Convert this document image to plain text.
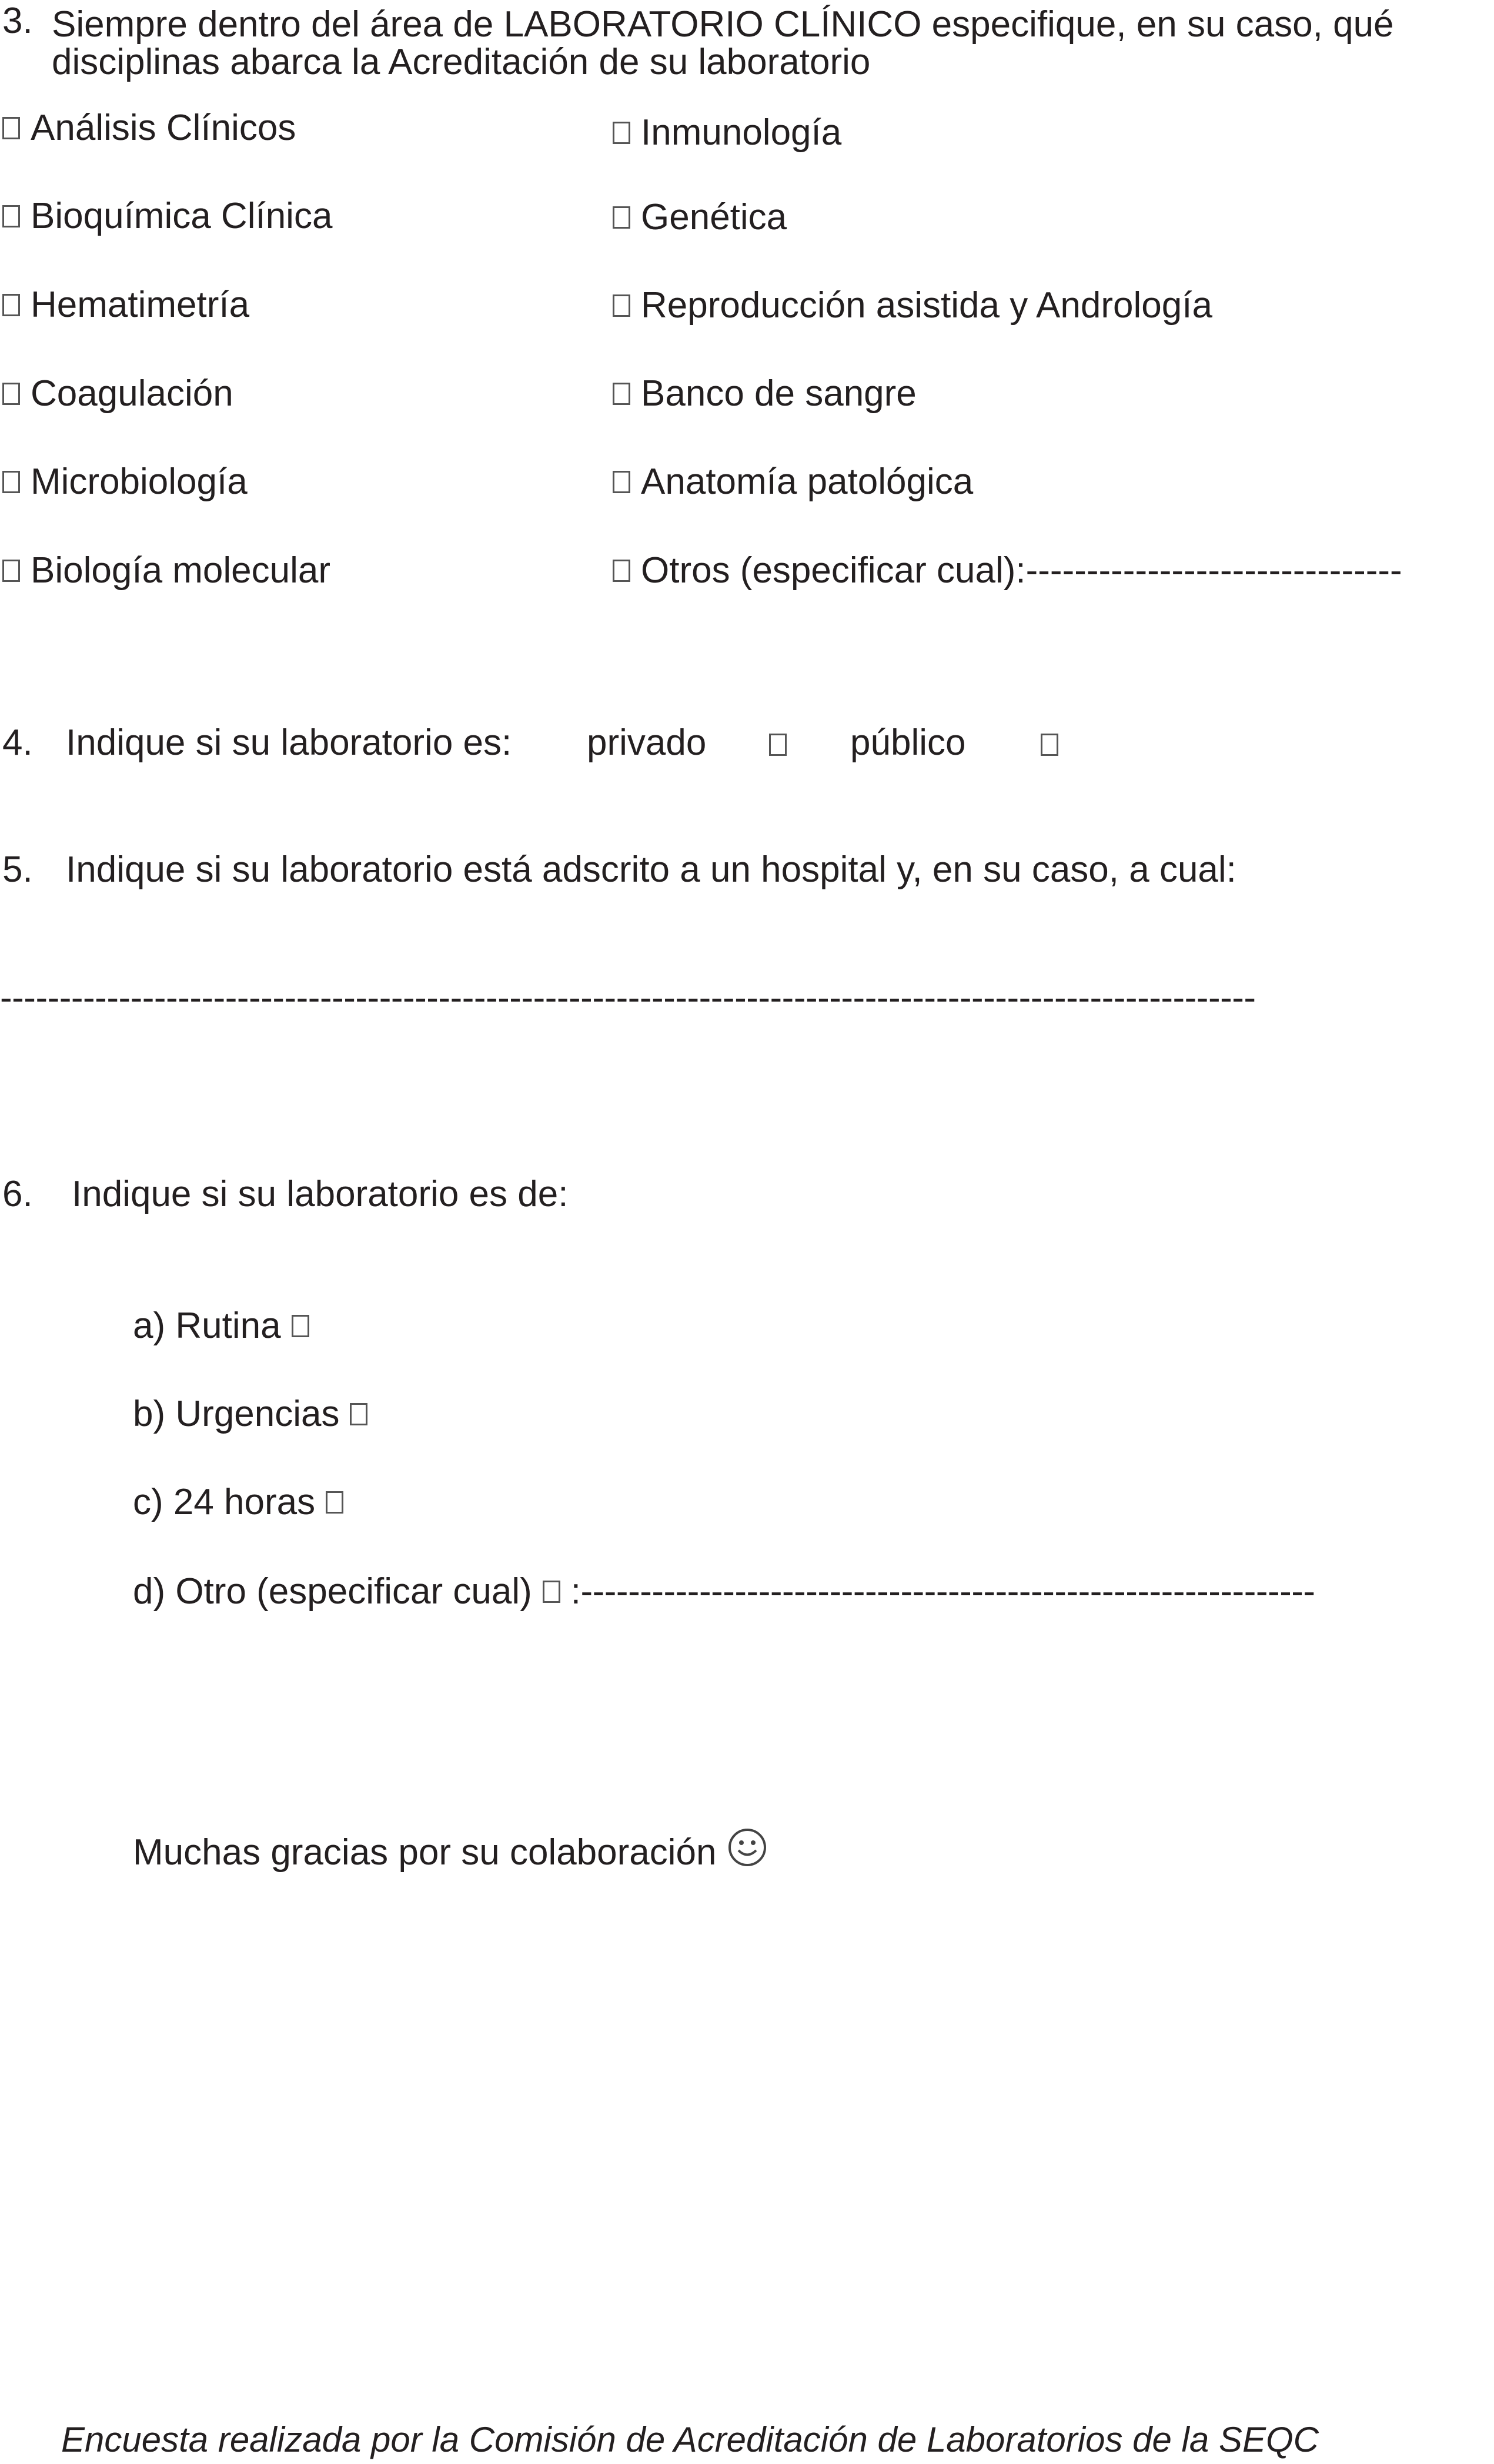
3. Siempre dentro del área de LABORATORIO CLÍNICO especifique, en su caso, qué
disciplinas abarca la Acreditación de su laboratorio
Análisis Clínicos
Bioquímica Clínica
Hematimetría
Coagulación
Microbiología
Biología molecular
Inmunología
Genética
Reproducción asistida y Andrología
Banco de sangre
Anatomía patológica
Otros (especificar cual):-------------------------------
4. Indique si su laboratorio es: privado	público
5. Indique si su laboratorio está adscrito a un hospital y, en su caso, a cual:
----------------------------------------------------------------------------------------------------------
6. Indique si su laboratorio es de:
a) Rutina
b) Urgencias
c) 24 horas
d) Otro (especificar cual) :--------------------------------------------------------------
Muchas gracias por su colaboración
Encuesta realizada por la Comisión de Acreditación de Laboratorios de la SEQC
